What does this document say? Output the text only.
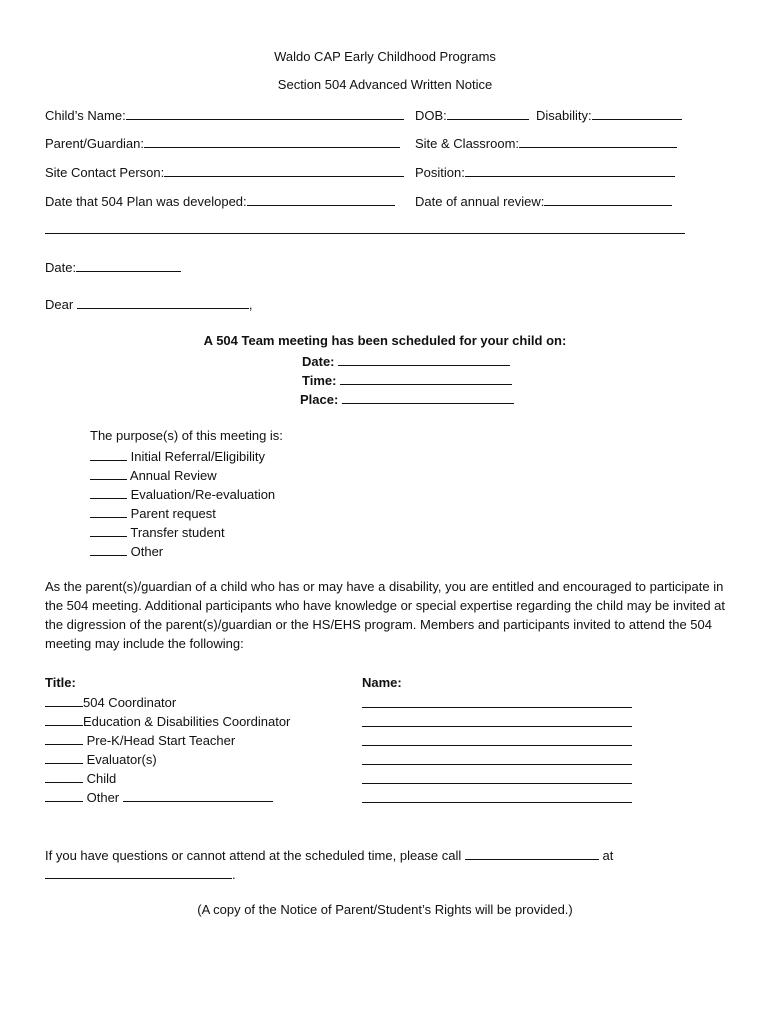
Waldo CAP Early Childhood Programs
Section 504 Advanced Written Notice
Child’s Name:	DOB:	Disability:
Parent/Guardian:	Site & Classroom:
Site Contact Person:	Position:
Date that 504 Plan was developed:	Date of annual review:
Date:
Dear	,
A 504 Team meeting has been scheduled for your child on:
Date:
Time:
Place:
The purpose(s) of this meeting is:
Initial Referral/Eligibility
Annual Review
Evaluation/Re-evaluation
Parent request
Transfer student
Other
As the parent(s)/guardian of a child who has or may have a disability, you are entitled and encouraged to participate in the 504 meeting. Additional participants who have knowledge or special expertise regarding the child may be invited at the digression of the parent(s)/guardian or the HS/EHS program. Members and participants invited to attend the 504 meeting may include the following:
Title:	Name:
504 Coordinator
Education & Disabilities Coordinator
Pre-K/Head Start Teacher
Evaluator(s)
Child
Other
If you have questions or cannot attend at the scheduled time, please call	at
.
(A copy of the Notice of Parent/Student’s Rights will be provided.)
